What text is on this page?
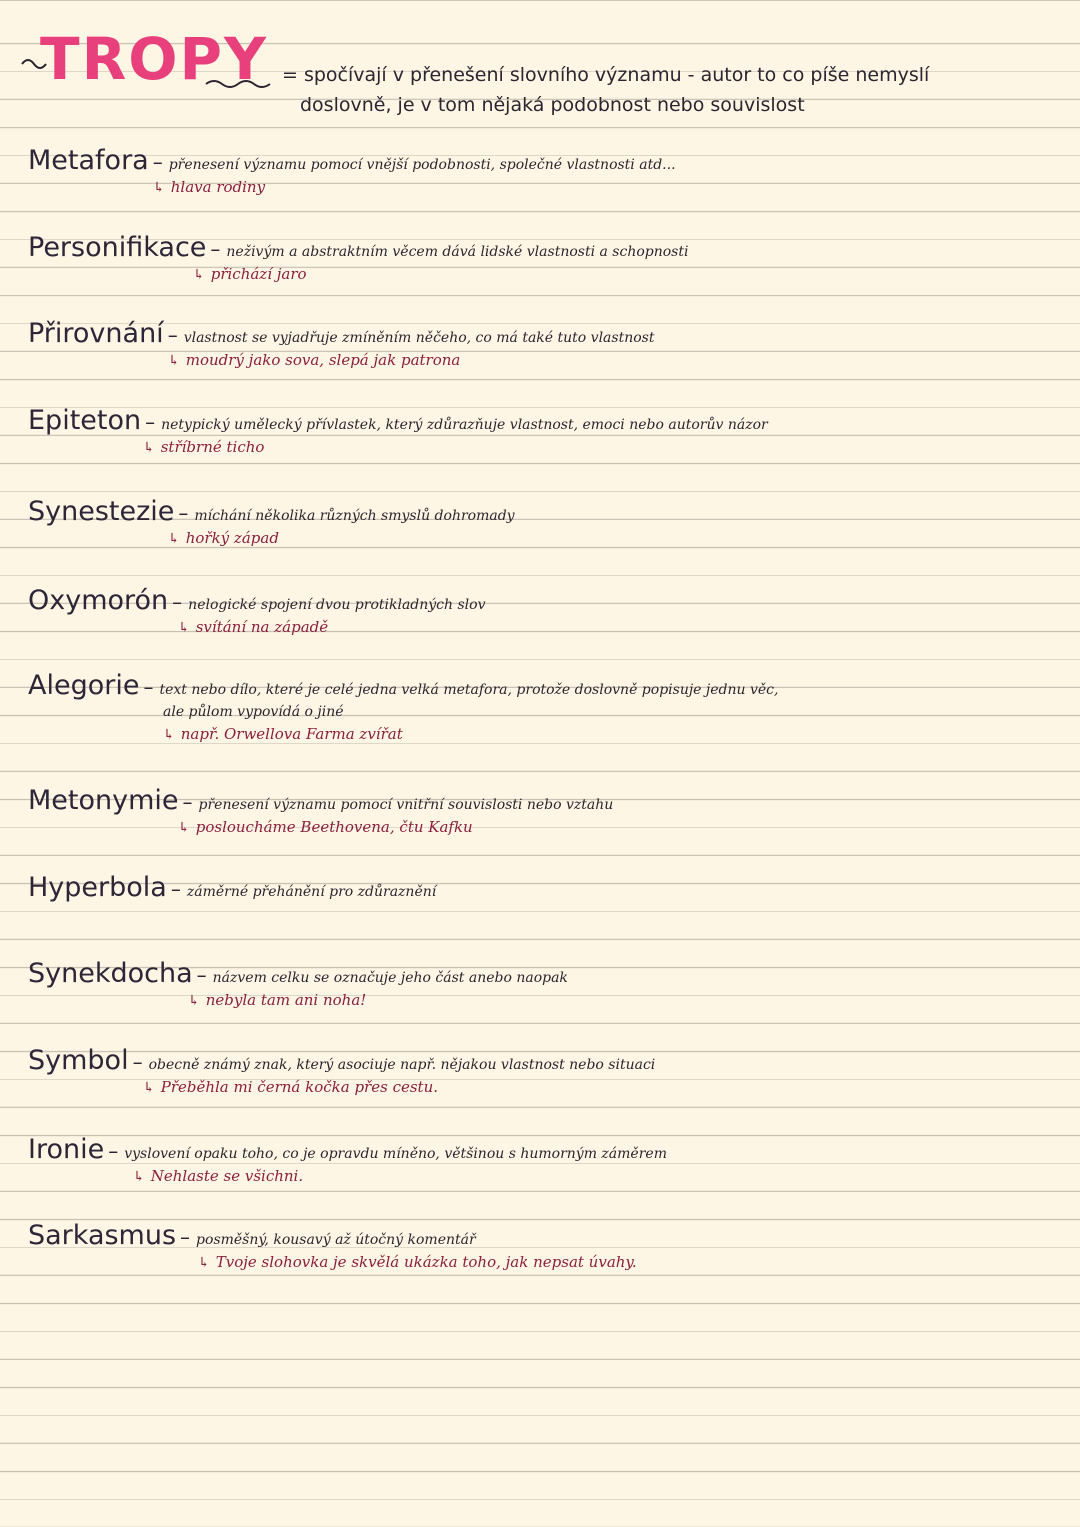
TROPY = spočívají v přenešení slovního významu - autor to co píše nemyslí
doslovně, je v tom nějaká podobnost nebo souvislost
Metafora – přenesení významu pomocí vnější podobnosti, společné vlastnosti atd...
↳ hlava rodiny
Personifikace – neživým a abstraktním věcem dává lidské vlastnosti a schopnosti
↳ přichází jaro
Přirovnání – vlastnost se vyjadřuje zmíněním něčeho, co má také tuto vlastnost
↳ moudrý jako sova, slepá jak patrona
Epiteton – netypický umělecký přívlastek, který zdůrazňuje vlastnost, emoci nebo autorův názor
↳ stříbrné ticho
Synestezie – míchání několika různých smyslů dohromady
↳ hořký západ
Oxymorón – nelogické spojení dvou protikladných slov
↳ svítání na západě
Alegorie – text nebo dílo, které je celé jedna velká metafora, protože doslovně popisuje jednu věc,
ale půlom vypovídá o jiné
↳ např. Orwellova Farma zvířat
Metonymie – přenesení významu pomocí vnitřní souvislosti nebo vztahu
↳ posloucháme Beethovena, čtu Kafku
Hyperbola – záměrné přehánění pro zdůraznění
Synekdocha – názvem celku se označuje jeho část anebo naopak
↳ nebyla tam ani noha!
Symbol – obecně známý znak, který asociuje např. nějakou vlastnost nebo situaci
↳ Přeběhla mi černá kočka přes cestu.
Ironie – vyslovení opaku toho, co je opravdu míněno, většinou s humorným záměrem
↳ Nehlaste se všichni.
Sarkasmus – posměšný, kousavý až útočný komentář
↳ Tvoje slohovka je skvělá ukázka toho, jak nepsat úvahy.
